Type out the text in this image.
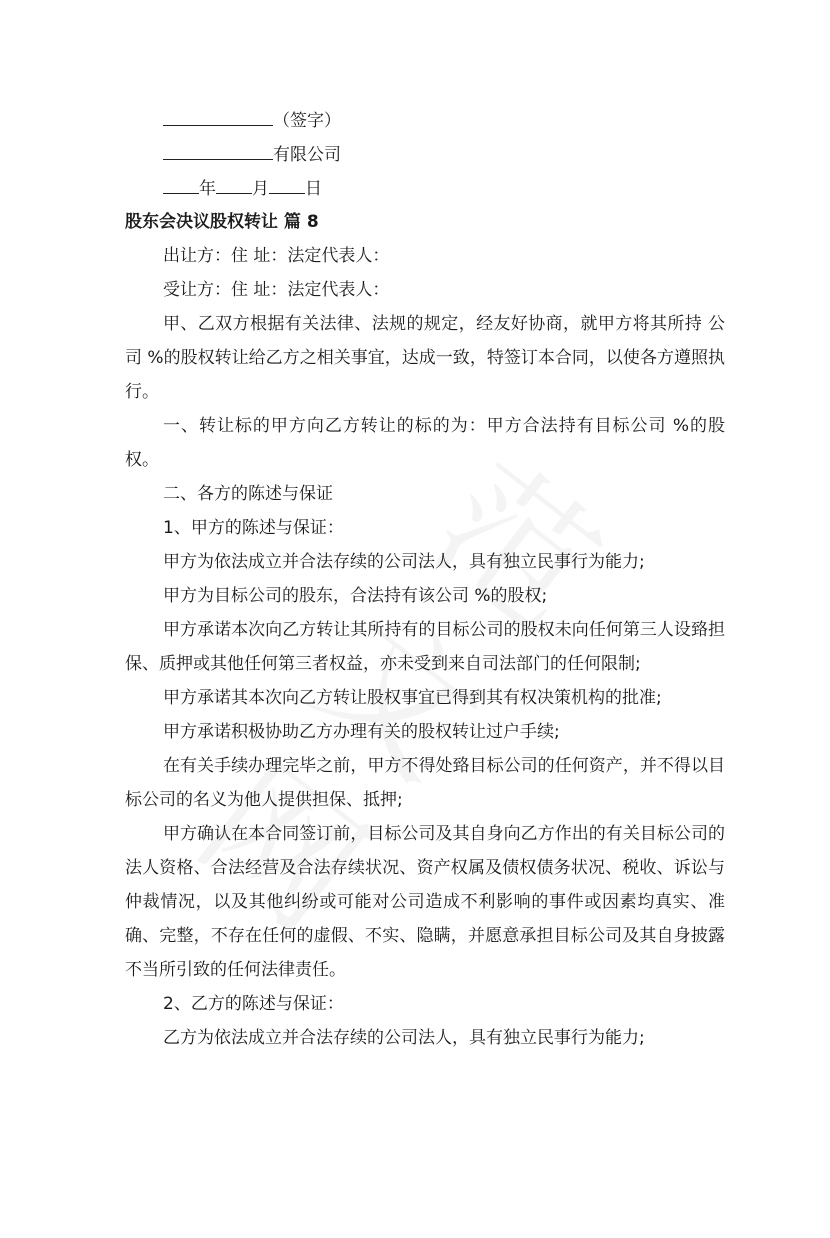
（签字）
有限公司
年 月 日
股东会决议股权转让 篇 8

出让方：住 址：法定代表人：

受让方：住 址：法定代表人：

甲、乙双方根据有关法律、法规的规定，经友好协商，就甲方将其所持 公司 %的股权转让给乙方之相关事宜，达成一致，特签订本合同，以使各方遵照执行。

一、转让标的甲方向乙方转让的标的为：甲方合法持有目标公司 %的股权。

二、各方的陈述与保证

1、甲方的陈述与保证：

甲方为依法成立并合法存续的公司法人，具有独立民事行为能力;

甲方为目标公司的股东，合法持有该公司 %的股权;

甲方承诺本次向乙方转让其所持有的目标公司的股权未向任何第三人设臵担保、质押或其他任何第三者权益，亦未受到来自司法部门的任何限制;

甲方承诺其本次向乙方转让股权事宜已得到其有权决策机构的批准;

甲方承诺积极协助乙方办理有关的股权转让过户手续;

在有关手续办理完毕之前，甲方不得处臵目标公司的任何资产，并不得以目标公司的名义为他人提供担保、抵押;

甲方确认在本合同签订前，目标公司及其自身向乙方作出的有关目标公司的法人资格、合法经营及合法存续状况、资产权属及债权债务状况、税收、诉讼与仲裁情况，以及其他纠纷或可能对公司造成不利影响的事件或因素均真实、准确、完整，不存在任何的虚假、不实、隐瞒，并愿意承担目标公司及其自身披露不当所引致的任何法律责任。

2、乙方的陈述与保证：

乙方为依法成立并合法存续的公司法人，具有独立民事行为能力;
